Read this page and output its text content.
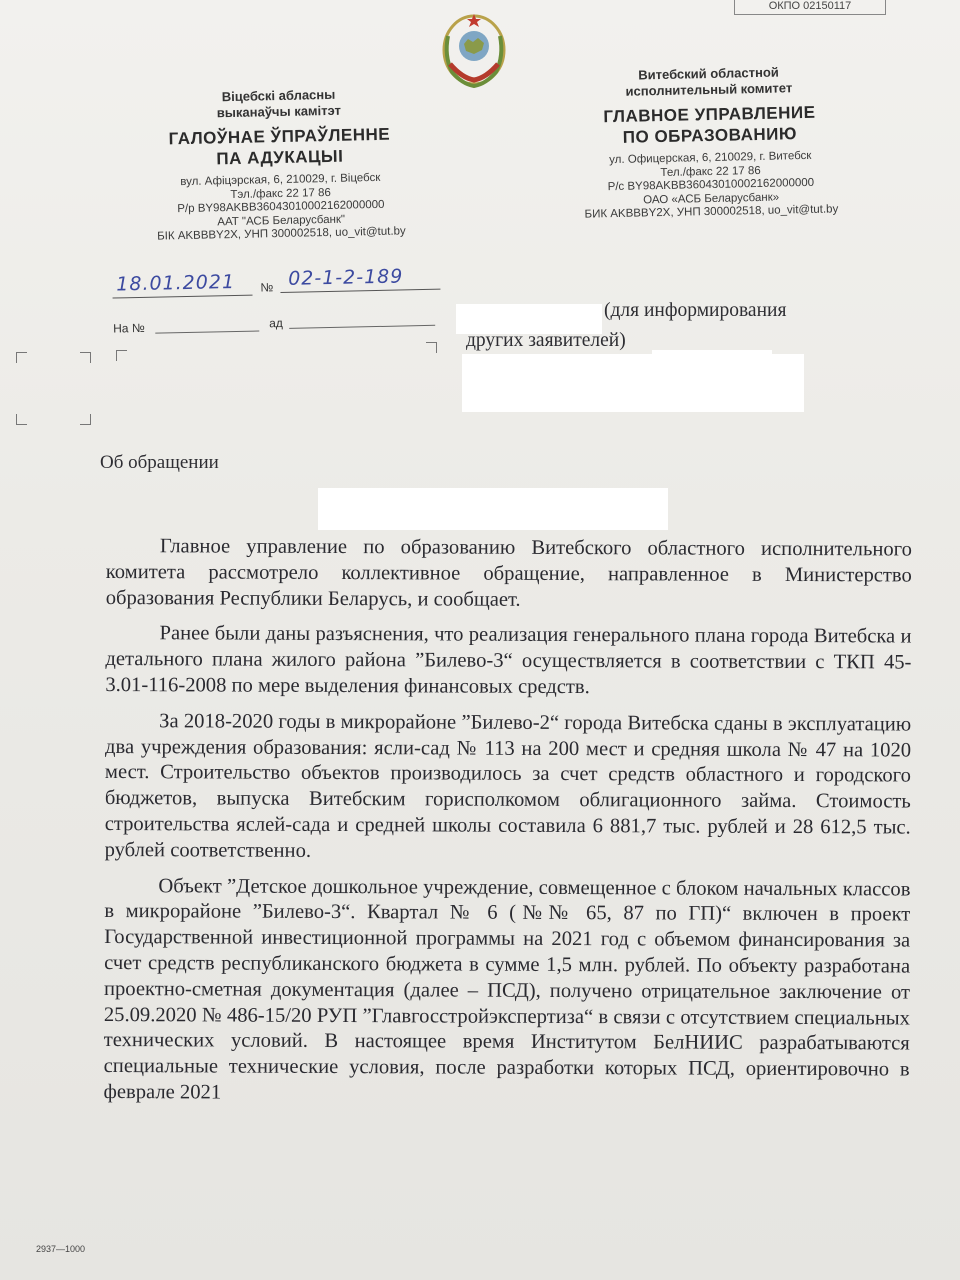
ОКПО 02150117
Віцебскі абласны
выканаўчы камітэт
ГАЛОЎНАЕ ЎПРАЎЛЕННЕ
ПА АДУКАЦЫІ
вул. Афіцэрская, 6, 210029, г. Віцебск
Тэл./факс 22 17 86
Р/р BY98AKBB36043010002162000000
ААТ "АСБ Беларусбанк"
БІК AKBBBY2X, УНП 300002518, uo_vit@tut.by
Витебский областной
исполнительный комитет
ГЛАВНОЕ УПРАВЛЕНИЕ
ПО ОБРАЗОВАНИЮ
ул. Офицерская, 6, 210029, г. Витебск
Тел./факс 22 17 86
Р/с BY98AKBB36043010002162000000
ОАО «АСБ Беларусбанк»
БИК AKBBBY2X, УНП 300002518, uo_vit@tut.by
18.01.2021 № 02-1-2-189
На №	ад
(для информирования
других заявителей)
Об обращении

Главное управление по образованию Витебского областного исполнительного комитета рассмотрело коллективное обращение, направленное в Министерство образования Республики Беларусь, и сообщает.

Ранее были даны разъяснения, что реализация генерального плана города Витебска и детального плана жилого района ”Билево-3“ осуществляется в соответствии с ТКП 45-3.01-116-2008 по мере выделения финансовых средств.

За 2018-2020 годы в микрорайоне ”Билево-2“ города Витебска сданы в эксплуатацию два учреждения образования: ясли-сад № 113 на 200 мест и средняя школа № 47 на 1020 мест. Строительство объектов производилось за счет средств областного и городского бюджетов, выпуска Витебским горисполкомом облигационного займа. Стоимость строительства яслей-сада и средней школы составила 6 881,7 тыс. рублей и 28 612,5 тыс. рублей соответственно.

Объект ”Детское дошкольное учреждение, совмещенное с блоком начальных классов в микрорайоне ”Билево-3“. Квартал № 6 (№№ 65, 87 по ГП)“ включен в проект Государственной инвестиционной программы на 2021 год с объемом финансирования за счет средств республиканского бюджета в сумме 1,5 млн. рублей. По объекту разработана проектно-сметная документация (далее – ПСД), получено отрицательное заключение от 25.09.2020 № 486-15/20 РУП ”Главгосстройэкспертиза“ в связи с отсутствием специальных технических условий. В настоящее время Институтом БелНИИС разрабатываются специальные технические условия, после разработки которых ПСД, ориентировочно в феврале 2021

2937—1000
